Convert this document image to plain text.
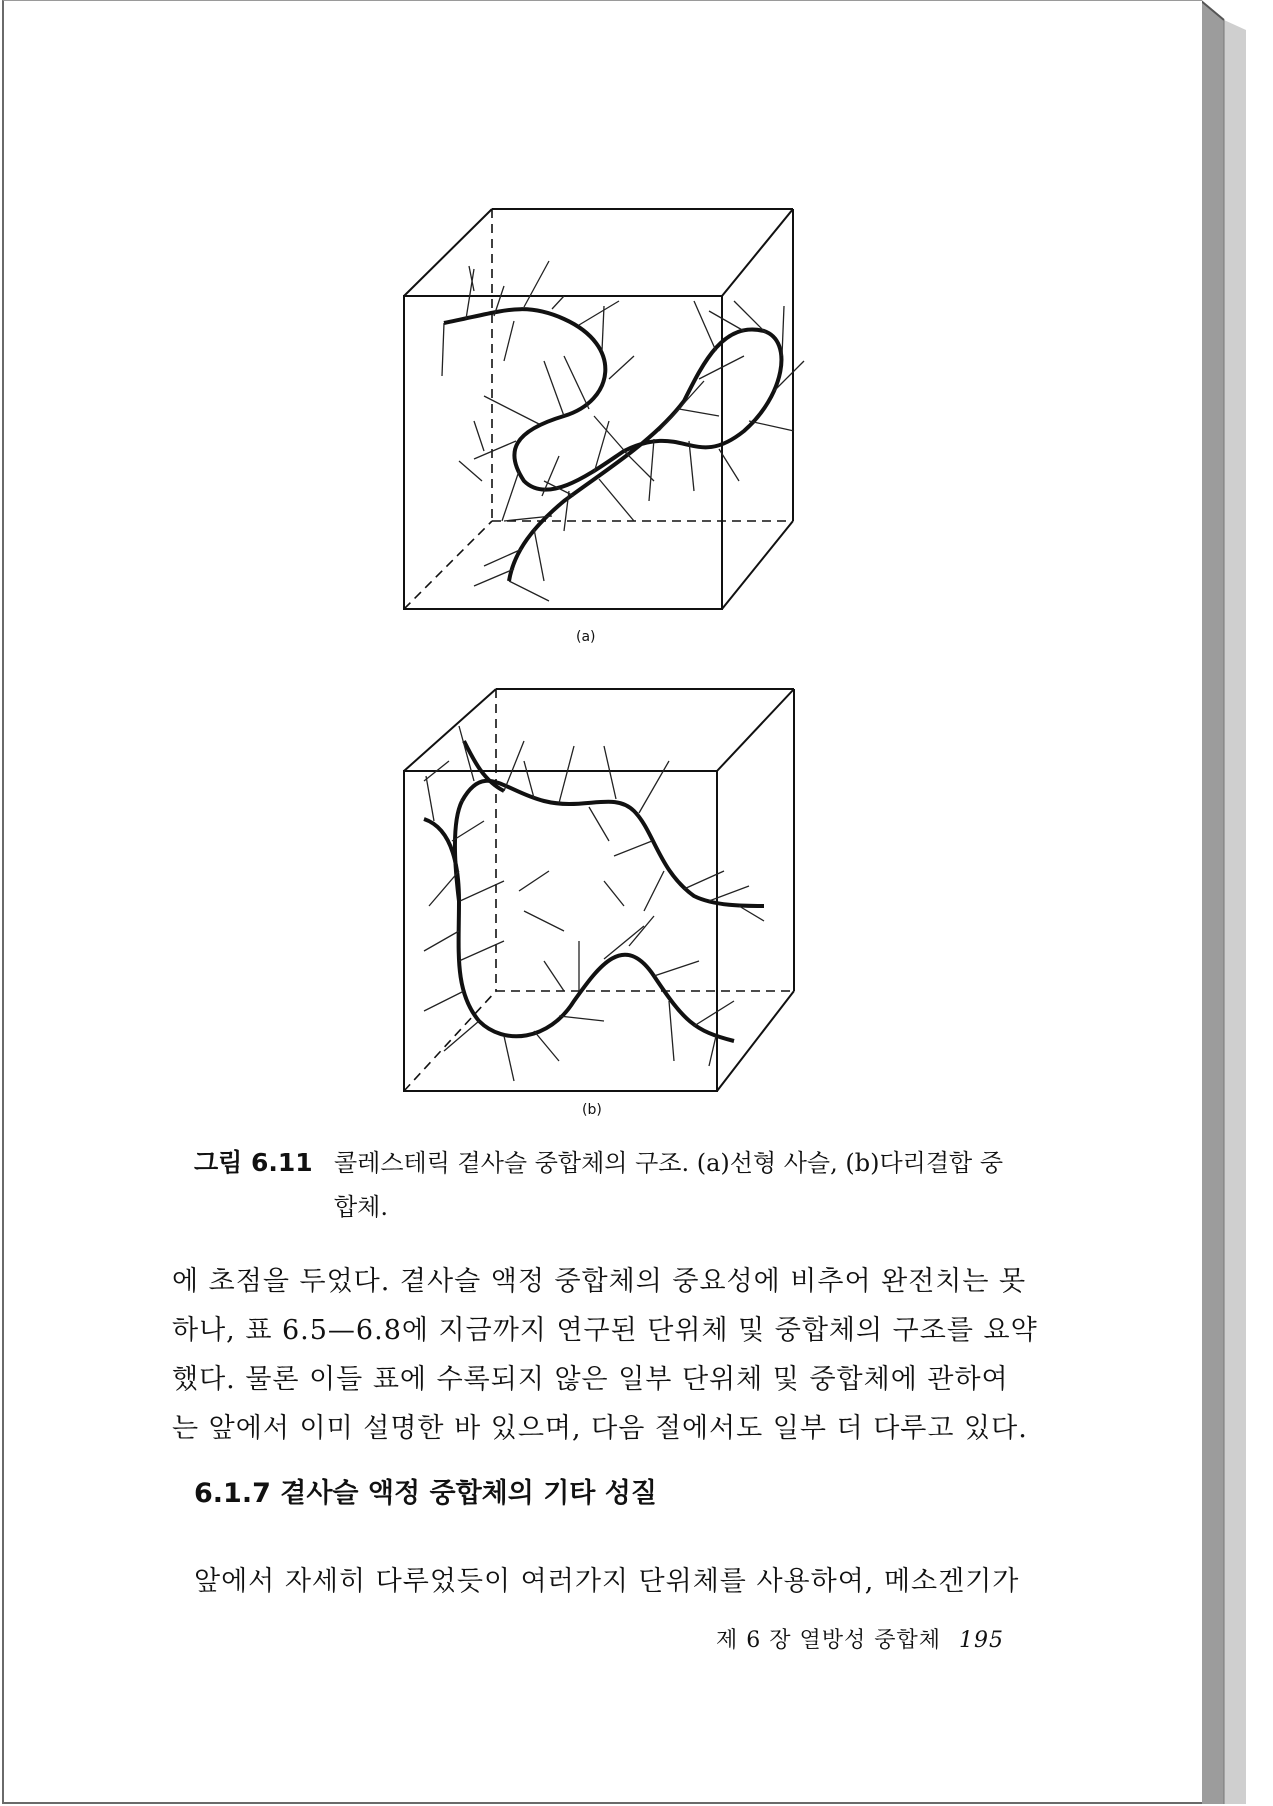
(a)
(b)
그림 6.11 콜레스테릭 곁사슬 중합체의 구조. (a)선형 사슬, (b)다리결합 중
합체.
에 초점을 두었다. 곁사슬 액정 중합체의 중요성에 비추어 완전치는 못
하나, 표 6.5—6.8에 지금까지 연구된 단위체 및 중합체의 구조를 요약
했다. 물론 이들 표에 수록되지 않은 일부 단위체 및 중합체에 관하여
는 앞에서 이미 설명한 바 있으며, 다음 절에서도 일부 더 다루고 있다.
6.1.7 곁사슬 액정 중합체의 기타 성질
앞에서 자세히 다루었듯이 여러가지 단위체를 사용하여, 메소겐기가
제 6 장 열방성 중합체 195
